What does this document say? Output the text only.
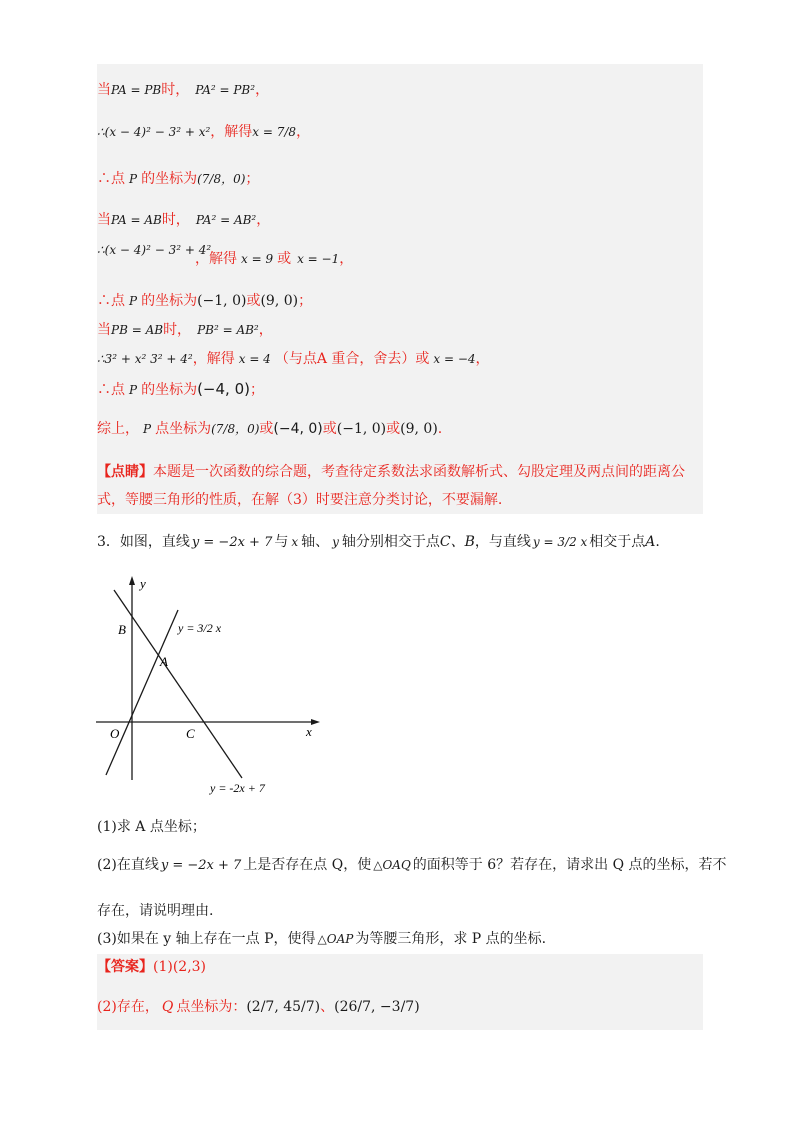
当PA = PB时， PA² = PB²，
∴(x − 4)² − 3² + x²，解得x = 7/8，
∴点 P 的坐标为(7/8，0)；
当PA = AB时， PA² = AB²，
∴(x − 4)² − 3² + 4²
，解得 x = 9 或 x = −1，
∴点 P 的坐标为(−1, 0)或(9, 0)；
当PB = AB时， PB² = AB²，
∴3² + x² 3² + 4²，解得 x = 4 （与点A 重合，舍去）或 x = −4，
∴点 P 的坐标为(−4, 0)；
综上， P 点坐标为(7/8，0)或(−4, 0)或(−1, 0)或(9, 0).
【点睛】本题是一次函数的综合题，考查待定系数法求函数解析式、勾股定理及两点间的距离公式，等腰三角形的性质，在解（3）时要注意分类讨论，不要漏解.
3．如图，直线 y = −2x + 7 与 x 轴、 y 轴分别相交于点C、B，与直线 y = 3/2 x 相交于点A.
y
x
B
A
O	C
y = 3/2 x
y = -2x + 7
(1)求 A 点坐标；
(2)在直线 y = −2x + 7 上是否存在点 Q，使 △OAQ 的面积等于 6？若存在，请求出 Q 点的坐标，若不
存在，请说明理由.
(3)如果在 y 轴上存在一点 P，使得 △OAP 为等腰三角形，求 P 点的坐标.
【答案】(1)(2,3)
(2)存在， Q 点坐标为：(2/7, 45/7)、(26/7, −3/7)
